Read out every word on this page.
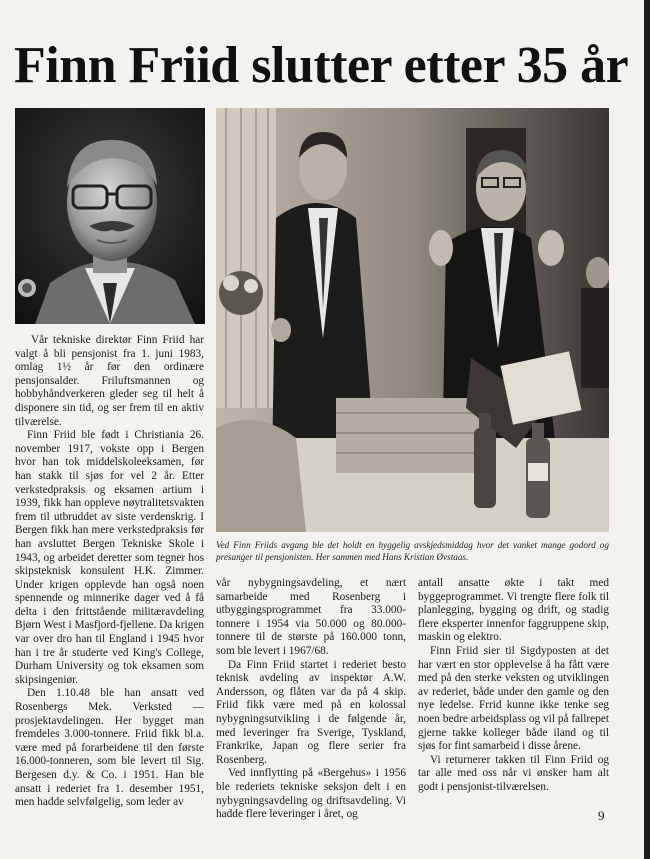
Finn Friid slutter etter 35 år
Ved Finn Friids avgang ble det holdt en hyggelig avskjedsmiddag hvor det vanket mange godord og presanger til pensjonisten. Her sammen med Hans Kristian Øvstaas.

Vår tekniske direktør Finn Friid har valgt å bli pensjonist fra 1. juni 1983, omlag 1½ år før den ordinære pensjonsalder. Friluftsmannen og hobbyhåndverkeren gleder seg til helt å disponere sin tid, og ser frem til en aktiv tilværelse.

Finn Friid ble født i Christiania 26. november 1917, vokste opp i Bergen hvor han tok middelskoleeksamen, før han stakk til sjøs for vel 2 år. Etter verkstedpraksis og eksamen artium i 1939, fikk han oppleve nøytralitetsvakten frem til utbruddet av siste verdenskrig. I Bergen fikk han mere verkstedpraksis før han avsluttet Bergen Tekniske Skole i 1943, og arbeidet deretter som tegner hos skipsteknisk konsulent H.K. Zimmer. Under krigen opplevde han også noen spennende og minnerike dager ved å få delta i den frittstående militæravdeling Bjørn West i Masfjord-fjellene. Da krigen var over dro han til England i 1945 hvor han i tre år studerte ved King's College, Durham University og tok eksamen som skipsingeniør.

Den 1.10.48 ble han ansatt ved Rosenbergs Mek. Verksted — prosjektavdelingen. Her bygget man fremdeles 3.000-tonnere. Friid fikk bl.a. være med på forarbeidene til den første 16.000-tonneren, som ble levert til Sig. Bergesen d.y. & Co. i 1951. Han ble ansatt i rederiet fra 1. desember 1951, men hadde selvfølgelig, som leder av

vår nybygningsavdeling, et nært samarbeide med Rosenberg i utbyggingsprogrammet fra 33.000-tonnere i 1954 via 50.000 og 80.000-tonnere til de største på 160.000 tonn, som ble levert i 1967/68.

Da Finn Friid startet i rederiet besto teknisk avdeling av inspektør A.W. Andersson, og flåten var da på 4 skip. Friid fikk være med på en kolossal nybygningsutvikling i de følgende år, med leveringer fra Sverige, Tyskland, Frankrike, Japan og flere serier fra Rosenberg.

Ved innflytting på «Bergehus» i 1956 ble rederiets tekniske seksjon delt i en nybygningsavdeling og driftsavdeling. Vi hadde flere leveringer i året, og

antall ansatte økte i takt med byggeprogrammet. Vi trengte flere folk til planlegging, bygging og drift, og stadig flere eksperter innenfor faggruppene skip, maskin og elektro.

Finn Friid sier til Sigdyposten at det har vært en stor opplevelse å ha fått være med på den sterke veksten og utviklingen av rederiet, både under den gamle og den nye ledelse. Frrid kunne ikke tenke seg noen bedre arbeidsplass og vil på fallrepet gjerne takke kolleger både iland og til sjøs for fint samarbeid i disse årene.

Vi returnerer takken til Finn Friid og tar alle med oss når vi ønsker ham alt godt i pensjonist-tilværelsen.

9
